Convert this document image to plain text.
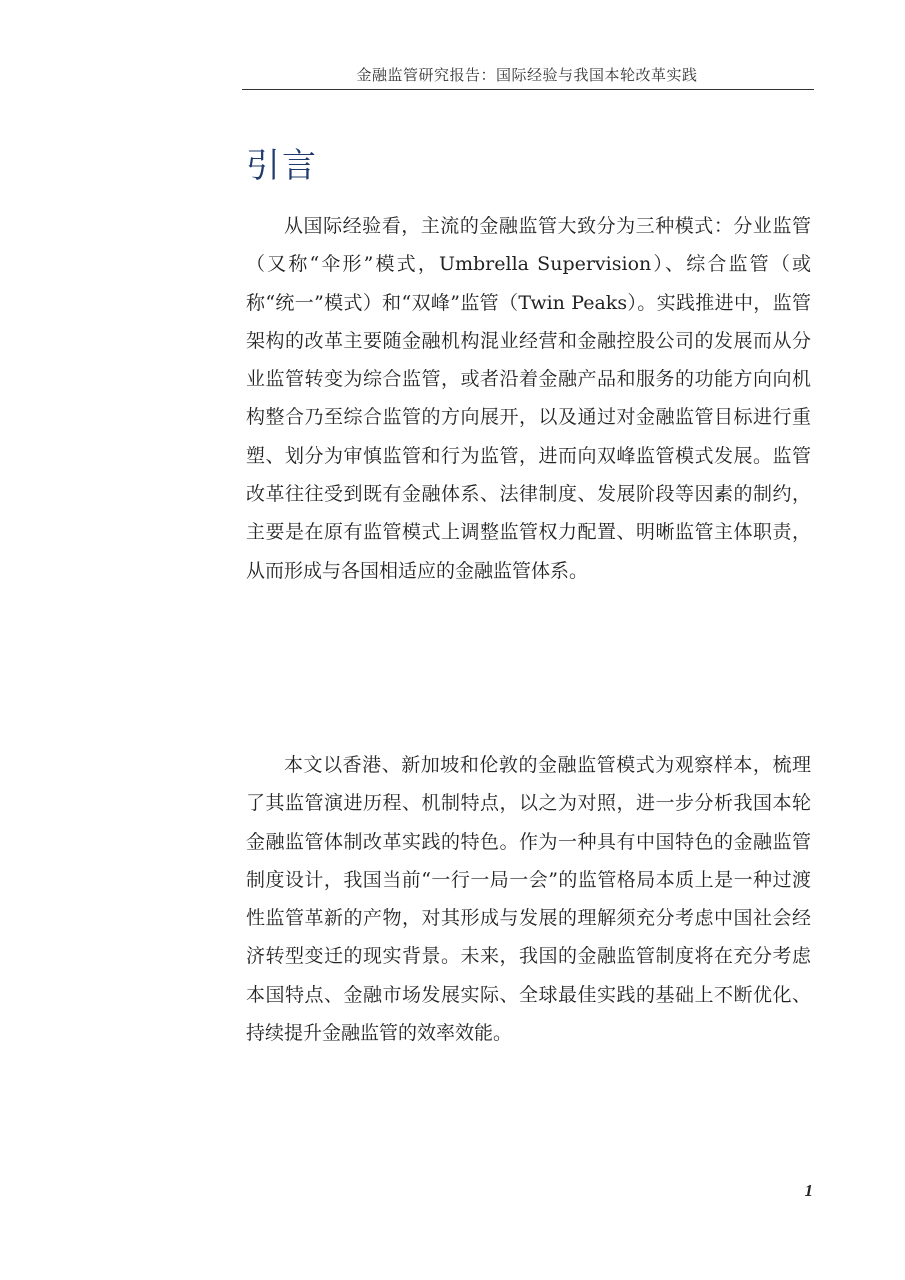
金融监管研究报告：国际经验与我国本轮改革实践
引言

从国际经验看，主流的金融监管大致分为三种模式：分业监管（又称“伞形”模式，Umbrella Supervision）、综合监管（或称“统一”模式）和“双峰”监管（Twin Peaks）。实践推进中，监管架构的改革主要随金融机构混业经营和金融控股公司的发展而从分业监管转变为综合监管，或者沿着金融产品和服务的功能方向向机构整合乃至综合监管的方向展开，以及通过对金融监管目标进行重塑、划分为审慎监管和行为监管，进而向双峰监管模式发展。监管改革往往受到既有金融体系、法律制度、发展阶段等因素的制约，主要是在原有监管模式上调整监管权力配置、明晰监管主体职责，从而形成与各国相适应的金融监管体系。

本文以香港、新加坡和伦敦的金融监管模式为观察样本，梳理了其监管演进历程、机制特点，以之为对照，进一步分析我国本轮金融监管体制改革实践的特色。作为一种具有中国特色的金融监管制度设计，我国当前“一行一局一会”的监管格局本质上是一种过渡性监管革新的产物，对其形成与发展的理解须充分考虑中国社会经济转型变迁的现实背景。未来，我国的金融监管制度将在充分考虑本国特点、金融市场发展实际、全球最佳实践的基础上不断优化、持续提升金融监管的效率效能。

1
